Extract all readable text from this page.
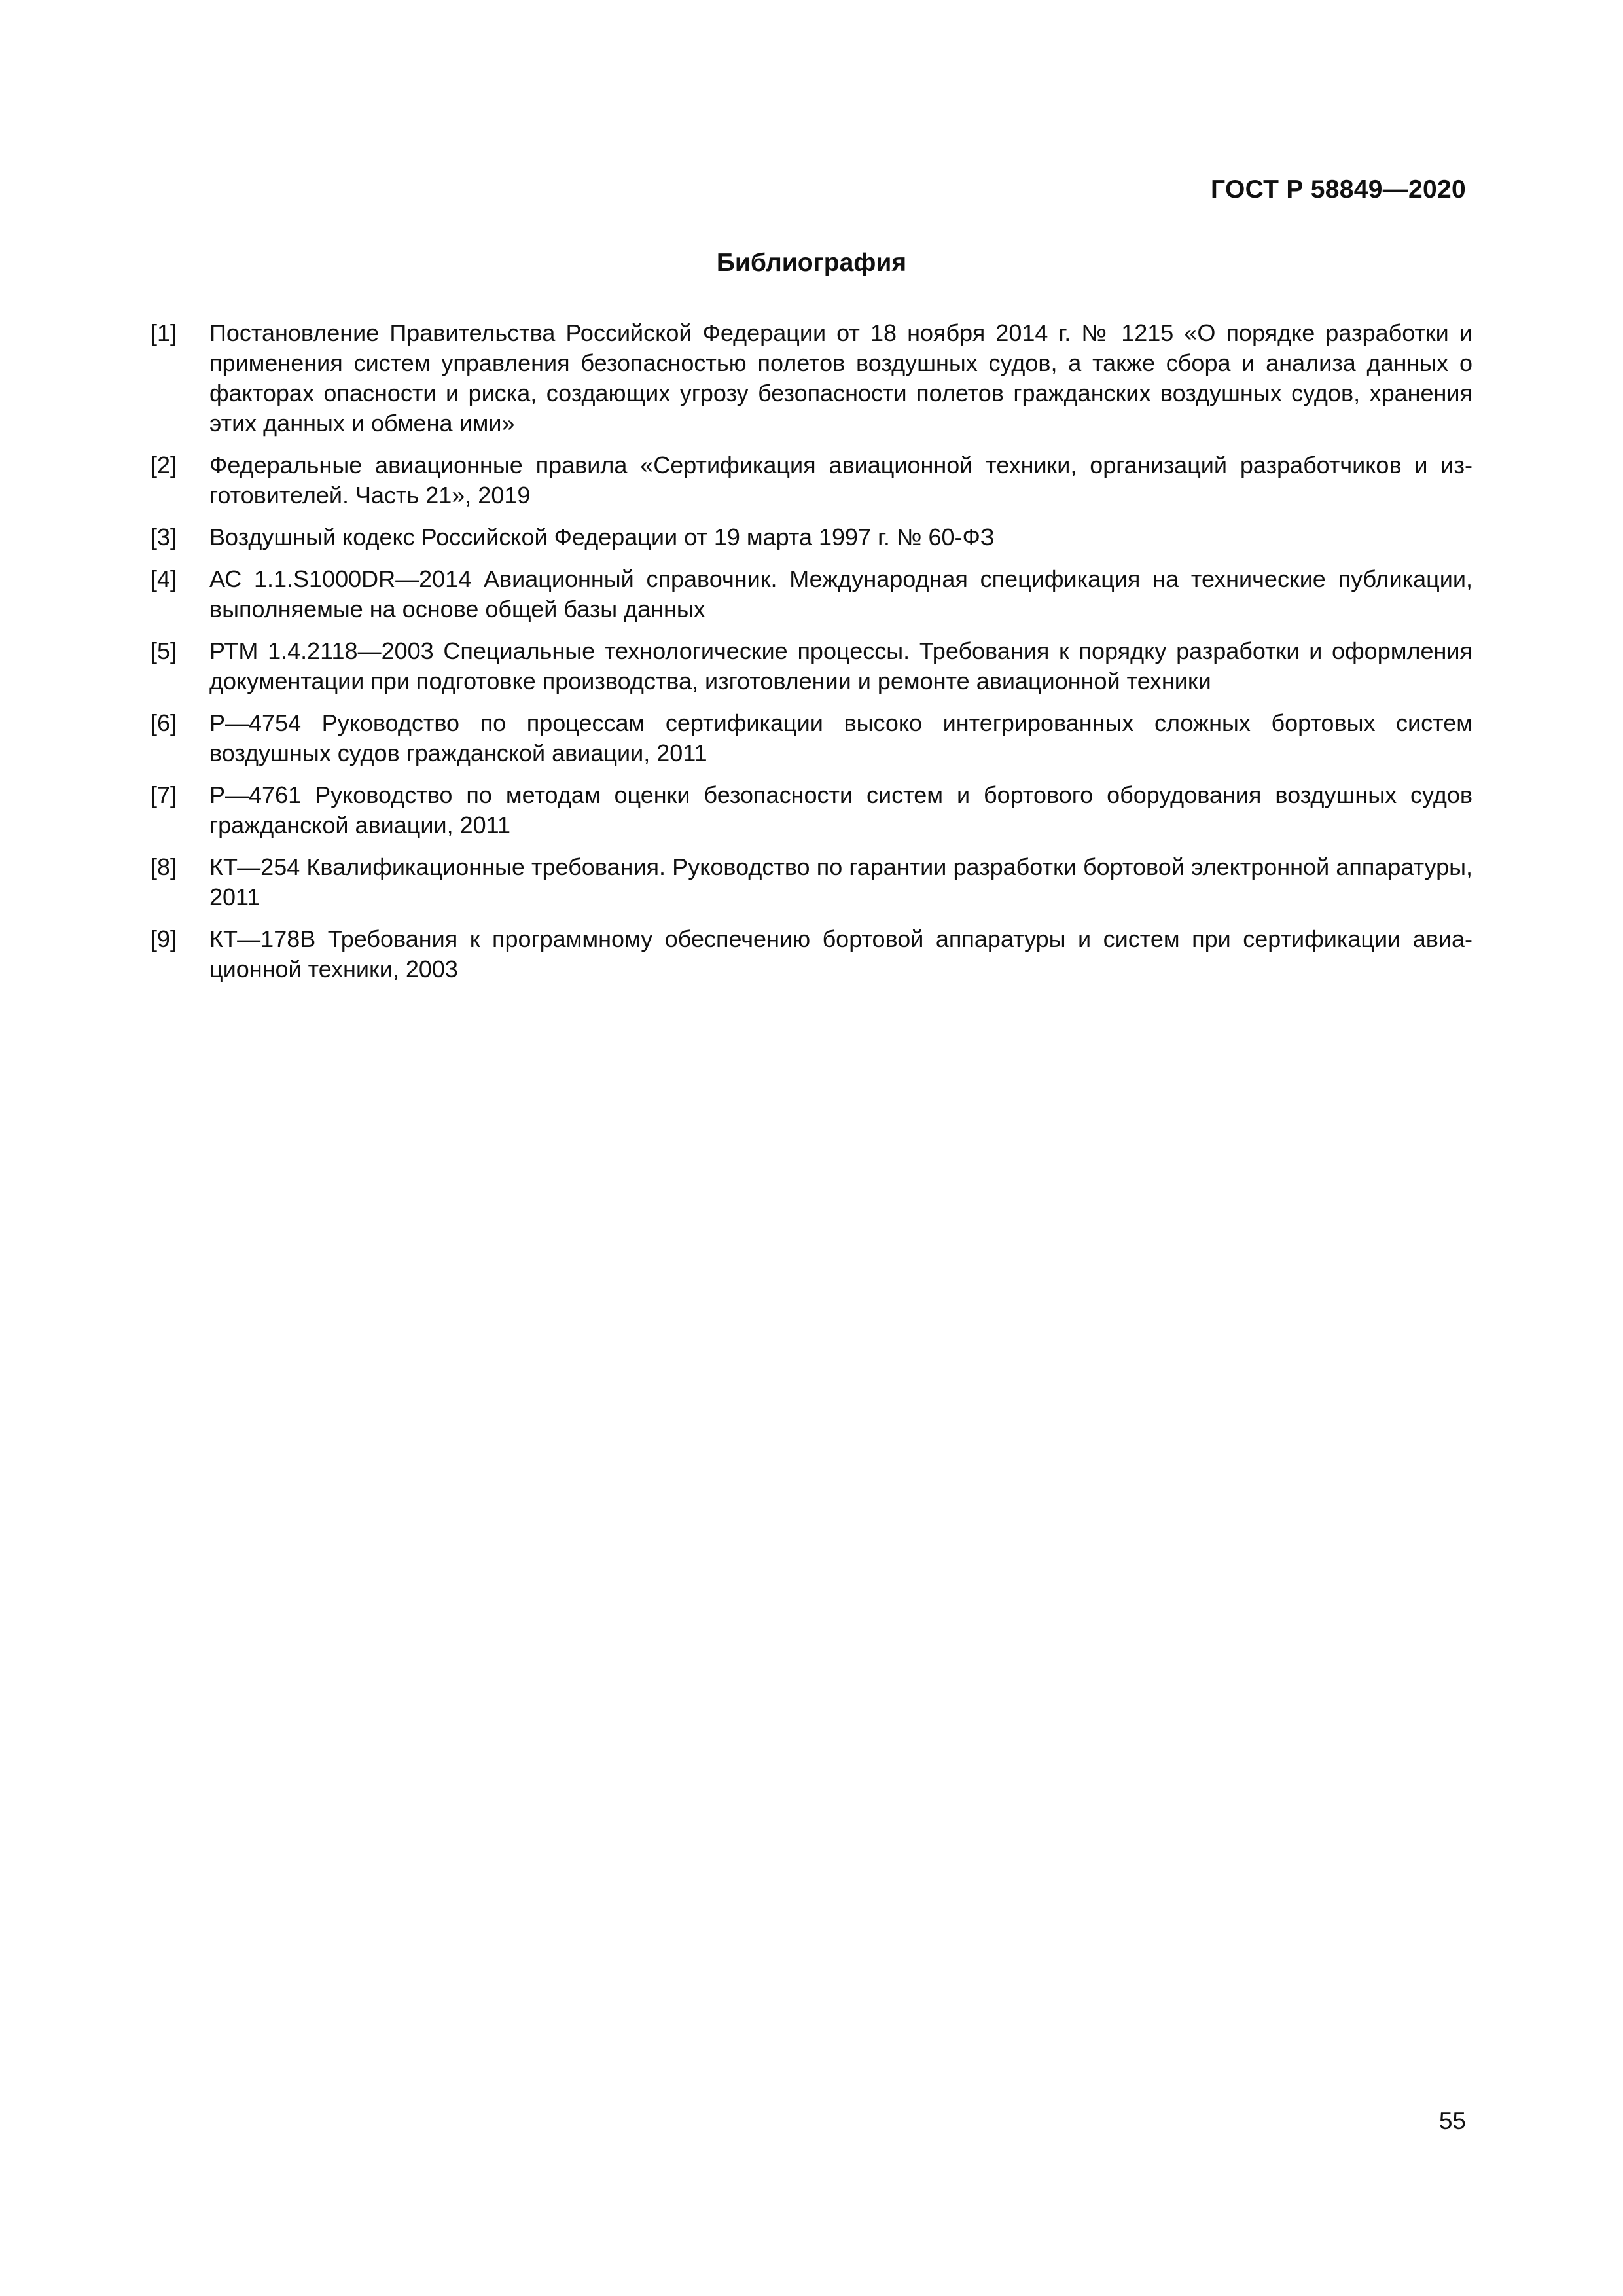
ГОСТ Р 58849—2020
Библиография
[1]	Постановление Правительства Российской Федерации от 18 ноября 2014 г. № 1215 «О порядке разработки и применения систем управления безопасностью полетов воздушных судов, а также сбора и анализа данных о факторах опасности и риска, создающих угрозу безопасности полетов гражданских воздушных судов, хранения этих данных и обмена ими»
[2]	Федеральные авиационные правила «Сертификация авиационной техники, организаций разработчиков и изготовителей. Часть 21», 2019
[3]	Воздушный кодекс Российской Федерации от 19 марта 1997 г. № 60-ФЗ
[4]	АС 1.1.S1000DR—2014 Авиационный справочник. Международная спецификация на технические публикации, выполняемые на основе общей базы данных
[5]	РТМ 1.4.2118—2003 Специальные технологические процессы. Требования к порядку разработки и оформления документации при подготовке производства, изготовлении и ремонте авиационной техники
[6]	Р—4754 Руководство по процессам сертификации высоко интегрированных сложных бортовых систем воздушных судов гражданской авиации, 2011
[7]	Р—4761 Руководство по методам оценки безопасности систем и бортового оборудования воздушных судов гражданской авиации, 2011
[8]	КТ—254 Квалификационные требования. Руководство по гарантии разработки бортовой электронной аппаратуры, 2011
[9]	КТ—178В Требования к программному обеспечению бортовой аппаратуры и систем при сертификации авиационной техники, 2003
55
